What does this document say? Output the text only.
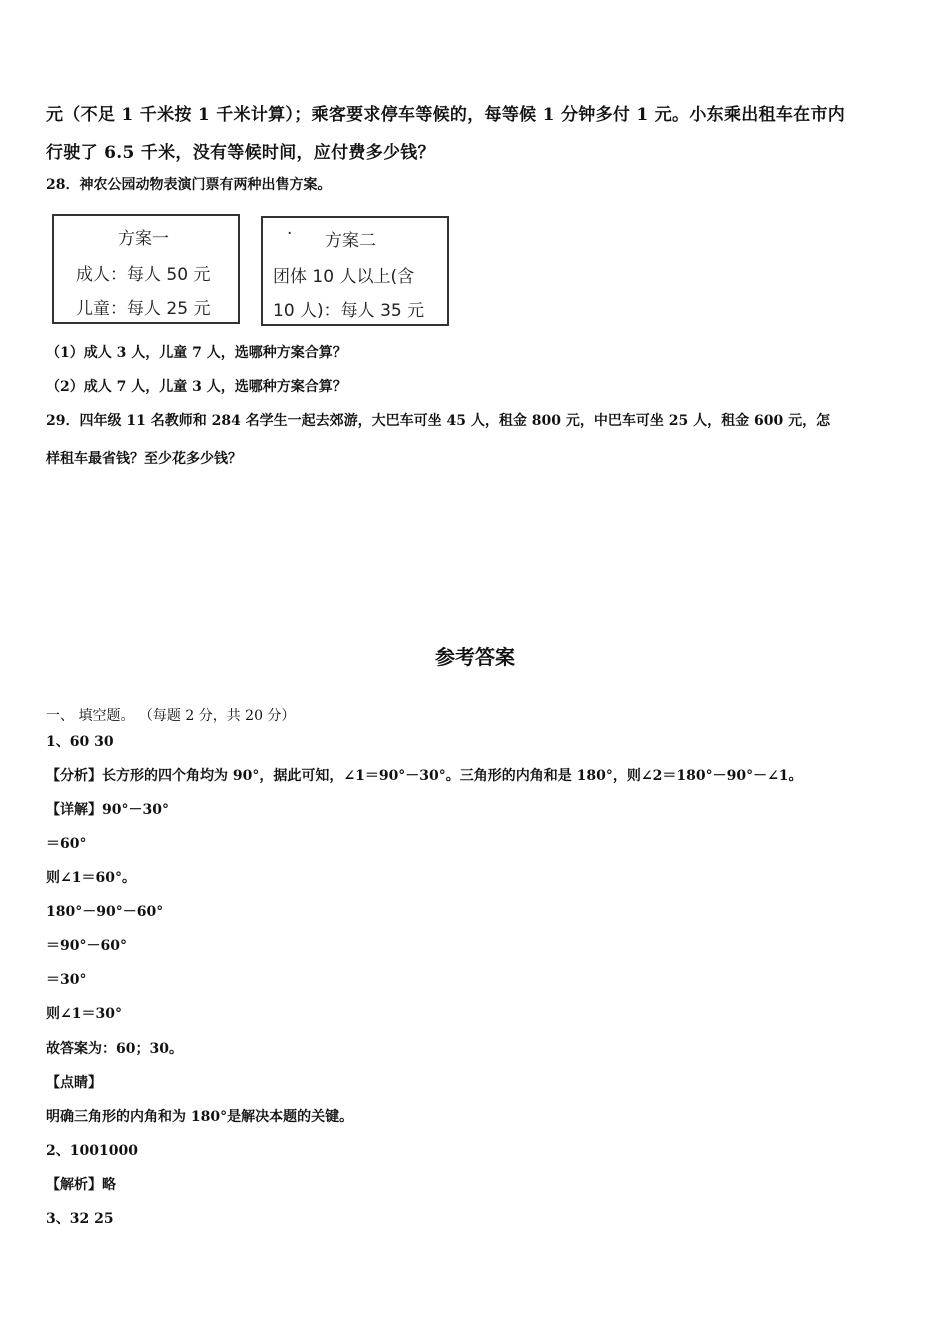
元（不足 1 千米按 1 千米计算）；乘客要求停车等候的，每等候 1 分钟多付 1 元。小东乘出租车在市内
行驶了 6.5 千米，没有等候时间，应付费多少钱？
28．神农公园动物表演门票有两种出售方案。
方案一
成人：每人 50 元
儿童：每人 25 元
· 方案二
团体 10 人以上(含
10 人)：每人 35 元
（1）成人 3 人，儿童 7 人，选哪种方案合算？
（2）成人 7 人，儿童 3 人，选哪种方案合算？
29．四年级 11 名教师和 284 名学生一起去郊游，大巴车可坐 45 人，租金 800 元，中巴车可坐 25 人，租金 600 元，怎
样租车最省钱？至少花多少钱？
参考答案
一、 填空题。 （每题 2 分，共 20 分）
1、60 30
【分析】长方形的四个角均为 90°，据此可知，∠1＝90°－30°。三角形的内角和是 180°，则∠2＝180°－90°－∠1。
【详解】90°－30°
＝60°
则∠1＝60°。
180°－90°－60°
＝90°－60°
＝30°
则∠1＝30°
故答案为：60；30。
【点睛】
明确三角形的内角和为 180°是解决本题的关键。
2、1001000
【解析】略
3、32 25
